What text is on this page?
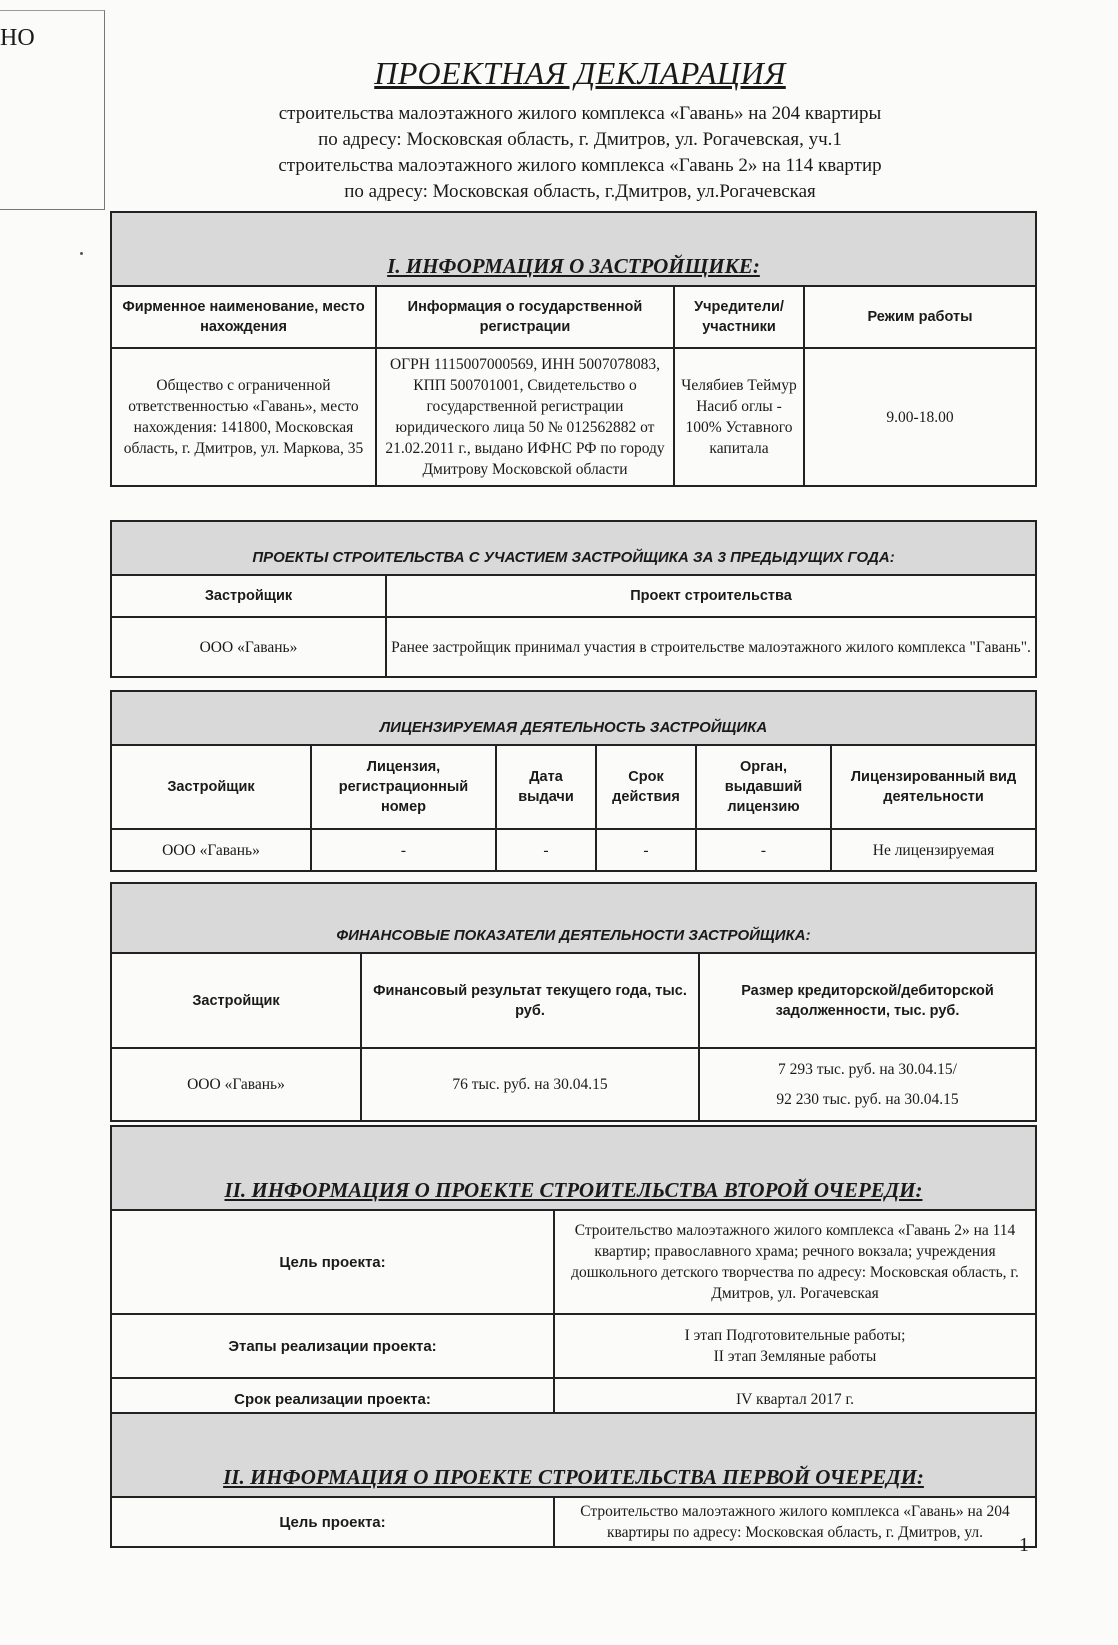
НО
ПРОЕКТНАЯ ДЕКЛАРАЦИЯ
строительства малоэтажного жилого комплекса «Гавань» на 204 квартиры
по адресу: Московская область, г. Дмитров, ул. Рогачевская, уч.1
строительства малоэтажного жилого комплекса «Гавань 2» на 114 квартир
по адресу: Московская область, г.Дмитров, ул.Рогачевская
I. ИНФОРМАЦИЯ О ЗАСТРОЙЩИКЕ:			
Фирменное наименование, место нахождения	Информация о государственной регистрации	Учредители/ участники	Режим работы
Общество с ограниченной ответственностью «Гавань», место нахождения: 141800, Московская область, г. Дмитров, ул. Маркова, 35	ОГРН 1115007000569, ИНН 5007078083, КПП 500701001, Свидетельство о государственной регистрации юридического лица 50 № 012562882 от 21.02.2011 г., выдано ИФНС РФ по городу Дмитрову Московской области	Челябиев Теймур Насиб оглы - 100% Уставного капитала	9.00-18.00
ПРОЕКТЫ СТРОИТЕЛЬСТВА С УЧАСТИЕМ ЗАСТРОЙЩИКА ЗА 3 ПРЕДЫДУЩИХ ГОДА:	
Застройщик	Проект строительства
ООО «Гавань»	Ранее застройщик принимал участия в строительстве малоэтажного жилого комплекса "Гавань".
ЛИЦЕНЗИРУЕМАЯ ДЕЯТЕЛЬНОСТЬ ЗАСТРОЙЩИКА					
Застройщик	Лицензия, регистрационный номер	Дата выдачи	Срок действия	Орган, выдавший лицензию	Лицензированный вид деятельности
ООО «Гавань»	-	-	-	-	Не лицензируемая
ФИНАНСОВЫЕ ПОКАЗАТЕЛИ ДЕЯТЕЛЬНОСТИ ЗАСТРОЙЩИКА:		
Застройщик	Финансовый результат текущего года, тыс. руб.	Размер кредиторской/дебиторской задолженности, тыс. руб.
ООО «Гавань»	76 тыс. руб. на 30.04.15	7 293 тыс. руб. на 30.04.15/
92 230 тыс. руб. на 30.04.15
II. ИНФОРМАЦИЯ О ПРОЕКТЕ СТРОИТЕЛЬСТВА ВТОРОЙ ОЧЕРЕДИ:	
Цель проекта:	Строительство малоэтажного жилого комплекса «Гавань 2» на 114 квартир; православного храма; речного вокзала; учреждения дошкольного детского творчества по адресу: Московская область, г. Дмитров, ул. Рогачевская
Этапы реализации проекта:	I этап Подготовительные работы;
II этап Земляные работы

Срок реализации проекта:	IV квартал 2017 г.
II. ИНФОРМАЦИЯ О ПРОЕКТЕ СТРОИТЕЛЬСТВА ПЕРВОЙ ОЧЕРЕДИ:
Цель проекта:	Строительство малоэтажного жилого комплекса «Гавань» на 204 квартиры по адресу: Московская область, г. Дмитров, ул.
1
